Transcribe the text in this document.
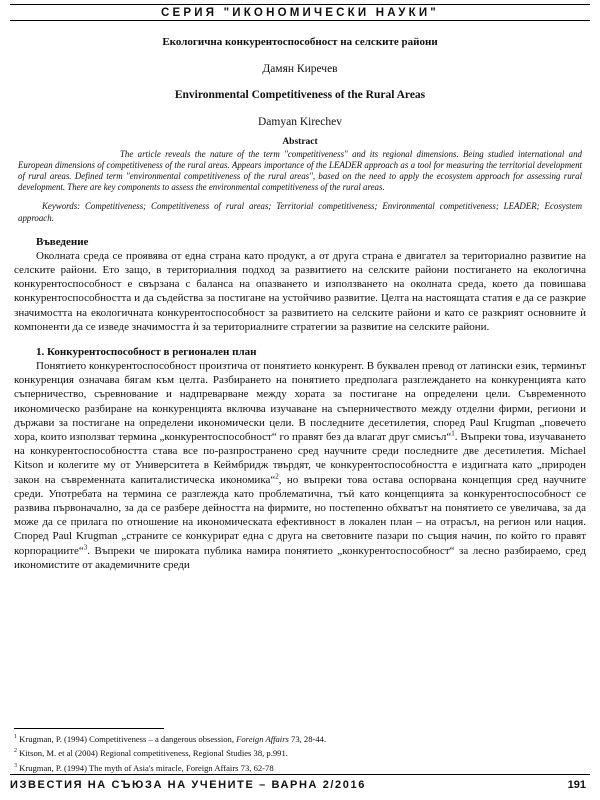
СЕРИЯ "ИКОНОМИЧЕСКИ НАУКИ"

Екологична конкурентоспособност на селските райони

Дамян Киречев

Environmental Competitiveness of the Rural Areas

Damyan Kirechev

Abstract

The article reveals the nature of the term "competitiveness" and its regional dimensions. Being studied international and European dimensions of competitiveness of the rural areas. Appears importance of the LEADER approach as a tool for measuring the territorial development of rural areas. Defined term "environmental competitiveness of the rural areas", based on the need to apply the ecosystem approach for assessing rural development. There are key components to assess the environmental competitiveness of the rural areas.

Keywords: Competitiveness; Competitiveness of rural areas; Territorial competitiveness; Environmental competitiveness; LEADER; Ecosystem approach.

Въведение

Околната среда се проявява от една страна като продукт, а от друга страна е двигател за териториално развитие на селските райони. Ето защо, в териториалния подход за развитието на селските райони постигането на екологична конкурентоспособност е свързана с баланса на опазването и използването на околната среда, което да повишава конкурентоспособността и да съдейства за постигане на устойчиво развитие. Целта на настоящата статия е да се разкрие значимостта на екологичната конкурентоспособност за развитието на селските райони и като се разкрият основните ѝ компоненти да се изведе значимостта ѝ за териториалните стратегии за развитие на селските райони.

1. Конкурентоспособност в регионален план

Понятието конкурентоспособност произтича от понятието конкурент. В буквален превод от латински език, терминът конкуренция означава бягам към целта. Разбирането на понятието предполага разглеждането на конкуренцията като съперничество, съревнование и надпреварване между хората за постигане на определени цели. Съвременното икономическо разбиране на конкуренцията включва изучаване на съперничеството между отделни фирми, региони и държави за постигане на определени икономически цели. В последните десетилетия, според Paul Krugman „повечето хора, които използват термина „конкурентоспособност“ го правят без да влагат друг смисъл“$^1$. Въпреки това, изучаването на конкурентоспособността става все по-разпространено сред научните среди последните две десетилетия. Michael Kitson и колегите му от Университета в Кеймбридж твърдят, че конкурентоспособността е издигната като „природен закон на съвременната капиталистическа икономика“$^2$, но въпреки това остава оспорвана концепция сред научните среди. Употребата на термина се разглежда като проблематична, тъй като концепцията за конкурентоспособност се развива първоначално, за да се разбере дейността на фирмите, но постепенно обхватът на понятието се увеличава, за да може да се прилага по отношение на икономическата ефективност в локален план – на отрасъл, на регион или нация. Според Paul Krugman „страните се конкурират една с друга на световните пазари по същия начин, по който го правят корпорациите“$^3$. Въпреки че широката публика намира понятието „конкурентоспособност“ за лесно разбираемо, сред икономистите от академичните среди

$^1$ Krugman, P. (1994) Competitiveness – a dangerous obsession, Foreign Affairs 73, 28-44.

$^2$ Kitson, M. et al (2004) Regional competitiveness, Regional Studies 38, p.991.

$^3$ Krugman, P. (1994) The myth of Asia's miracle, Foreign Affairs 73, 62-78

ИЗВЕСТИЯ НА СЪЮЗА НА УЧЕНИТЕ – ВАРНА 2/2016	191
